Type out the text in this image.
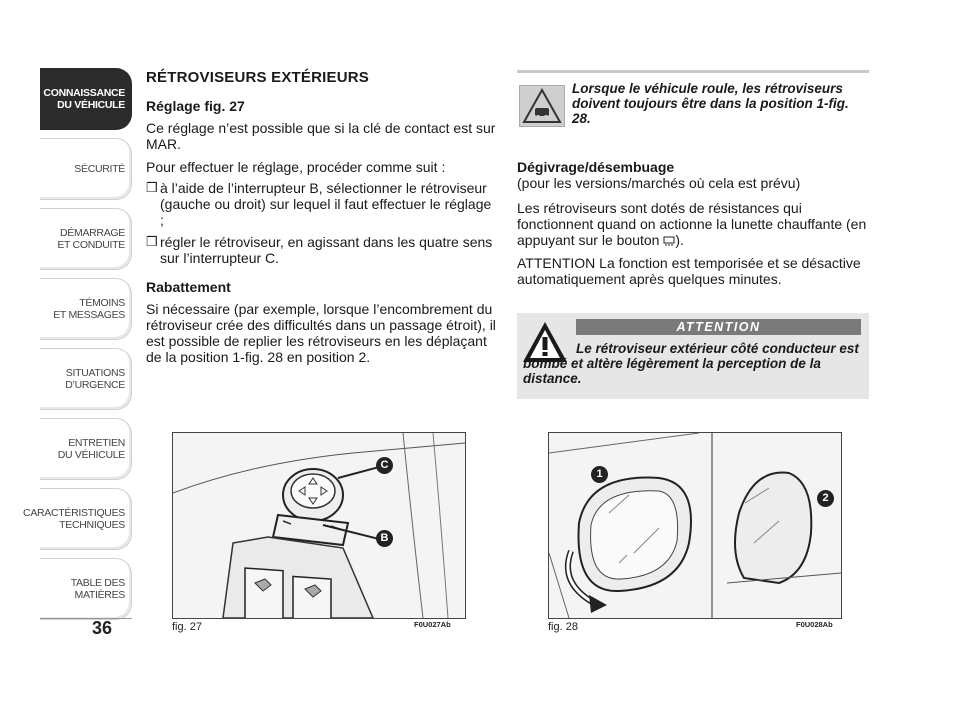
CONNAISSANCE
DU VÉHICULE
SÉCURITÉ
DÉMARRAGE
ET CONDUITE
TÉMOINS
ET MESSAGES
SITUATIONS
D’URGENCE
ENTRETIEN
DU VÉHICULE
CARACTÉRISTIQUES
TECHNIQUES
TABLE DES
MATIÈRES
36
RÉTROVISEURS EXTÉRIEURS
Réglage fig. 27

Ce réglage n’est possible que si la clé de contact est sur MAR.

Pour effectuer le réglage, procéder comme suit :

❒ à l’aide de l’interrupteur B, sélectionner le rétroviseur (gauche ou droit) sur lequel il faut effectuer le réglage ;
❒ régler le rétroviseur, en agissant dans les quatre sens sur l’interrupteur C.
Rabattement

Si nécessaire (par exemple, lorsque l’encombrement du rétroviseur crée des difficultés dans un passage étroit), il est possible de replier les rétroviseurs en les déplaçant de la position 1-fig. 28 en position 2.

Lorsque le véhicule roule, les rétroviseurs doivent toujours être dans la position 1-fig. 28.
Dégivrage/désembuage

(pour les versions/marchés où cela est prévu)

Les rétroviseurs sont dotés de résistances qui fonctionnent quand on actionne la lunette chauffante (en appuyant sur le bouton ).

ATTENTION La fonction est temporisée et se désactive automatiquement après quelques minutes.

ATTENTION
Le rétroviseur extérieur côté conducteur est bombé et altère légèrement la perception de la distance.
C
B
fig. 27	F0U027Ab
1
2
fig. 28	F0U028Ab
